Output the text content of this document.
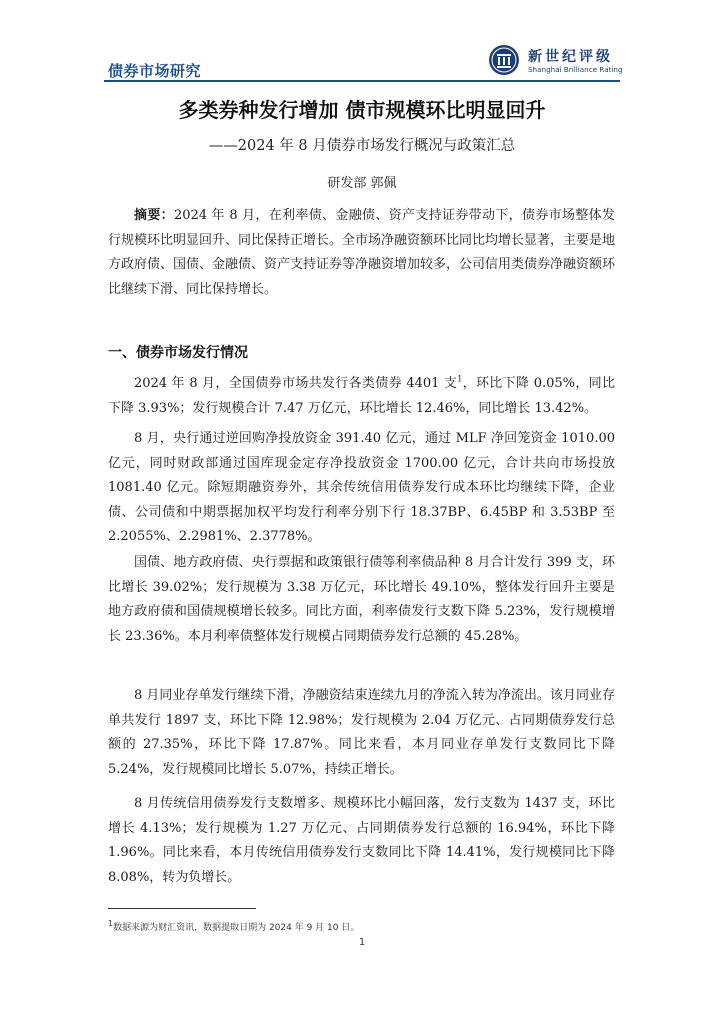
债券市场研究
新世纪评级
Shanghai Brilliance Rating
多类券种发行增加 债市规模环比明显回升
——2024 年 8 月债券市场发行概况与政策汇总
研发部 郭佩

摘要：2024 年 8 月，在利率债、金融债、资产支持证券带动下，债券市场整体发行规模环比明显回升、同比保持正增长。全市场净融资额环比同比均增长显著，主要是地方政府债、国债、金融债、资产支持证券等净融资增加较多，公司信用类债券净融资额环比继续下滑、同比保持增长。

一、债券市场发行情况

2024 年 8 月，全国债券市场共发行各类债券 4401 支$^1$，环比下降 0.05%，同比下降 3.93%；发行规模合计 7.47 万亿元，环比增长 12.46%，同比增长 13.42%。

8 月，央行通过逆回购净投放资金 391.40 亿元，通过 MLF 净回笼资金 1010.00 亿元，同时财政部通过国库现金定存净投放资金 1700.00 亿元，合计共向市场投放 1081.40 亿元。除短期融资券外，其余传统信用债券发行成本环比均继续下降，企业债、公司债和中期票据加权平均发行利率分别下行 18.37BP、6.45BP 和 3.53BP 至 2.2055%、2.2981%、2.3778%。

国债、地方政府债、央行票据和政策银行债等利率债品种 8 月合计发行 399 支，环比增长 39.02%；发行规模为 3.38 万亿元，环比增长 49.10%，整体发行回升主要是地方政府债和国债规模增长较多。同比方面，利率债发行支数下降 5.23%，发行规模增长 23.36%。本月利率债整体发行规模占同期债券发行总额的 45.28%。

8 月同业存单发行继续下滑，净融资结束连续九月的净流入转为净流出。该月同业存单共发行 1897 支，环比下降 12.98%；发行规模为 2.04 万亿元、占同期债券发行总额的 27.35%，环比下降 17.87%。同比来看，本月同业存单发行支数同比下降 5.24%，发行规模同比增长 5.07%，持续正增长。

8 月传统信用债券发行支数增多、规模环比小幅回落，发行支数为 1437 支，环比增长 4.13%；发行规模为 1.27 万亿元、占同期债券发行总额的 16.94%，环比下降 1.96%。同比来看，本月传统信用债券发行支数同比下降 14.41%，发行规模同比下降 8.08%，转为负增长。

$^1$数据来源为财汇资讯，数据提取日期为 2024 年 9 月 10 日。
1
